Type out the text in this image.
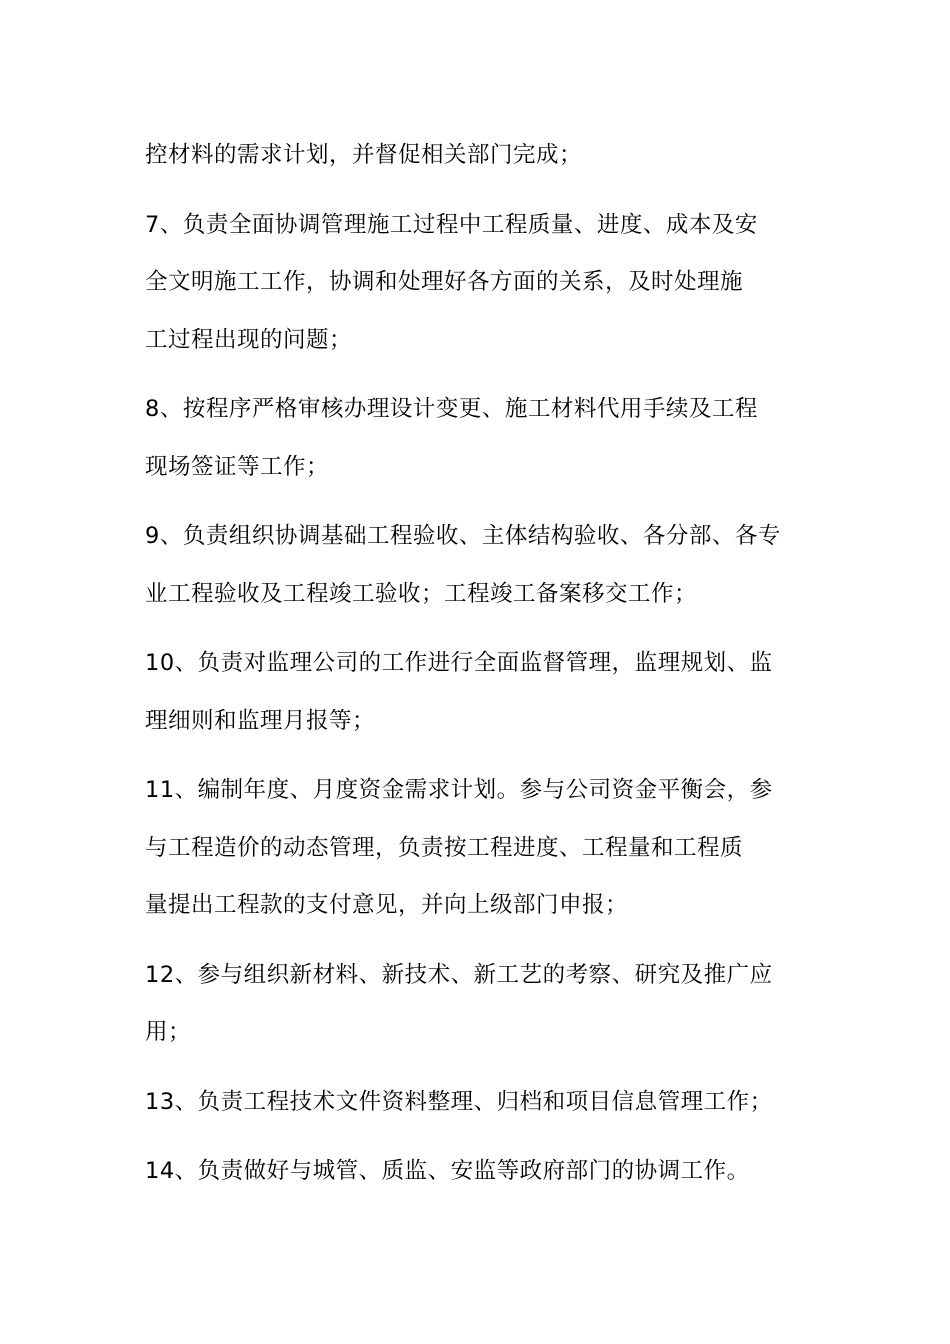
控材料的需求计划，并督促相关部门完成；

7、负责全面协调管理施工过程中工程质量、进度、成本及安
全文明施工工作，协调和处理好各方面的关系，及时处理施
工过程出现的问题；

8、按程序严格审核办理设计变更、施工材料代用手续及工程
现场签证等工作；

9、负责组织协调基础工程验收、主体结构验收、各分部、各专
业工程验收及工程竣工验收；工程竣工备案移交工作；

10、负责对监理公司的工作进行全面监督管理，监理规划、监
理细则和监理月报等；

11、编制年度、月度资金需求计划。参与公司资金平衡会，参
与工程造价的动态管理，负责按工程进度、工程量和工程质
量提出工程款的支付意见，并向上级部门申报；

12、参与组织新材料、新技术、新工艺的考察、研究及推广应
用；

13、负责工程技术文件资料整理、归档和项目信息管理工作；

14、负责做好与城管、质监、安监等政府部门的协调工作。
